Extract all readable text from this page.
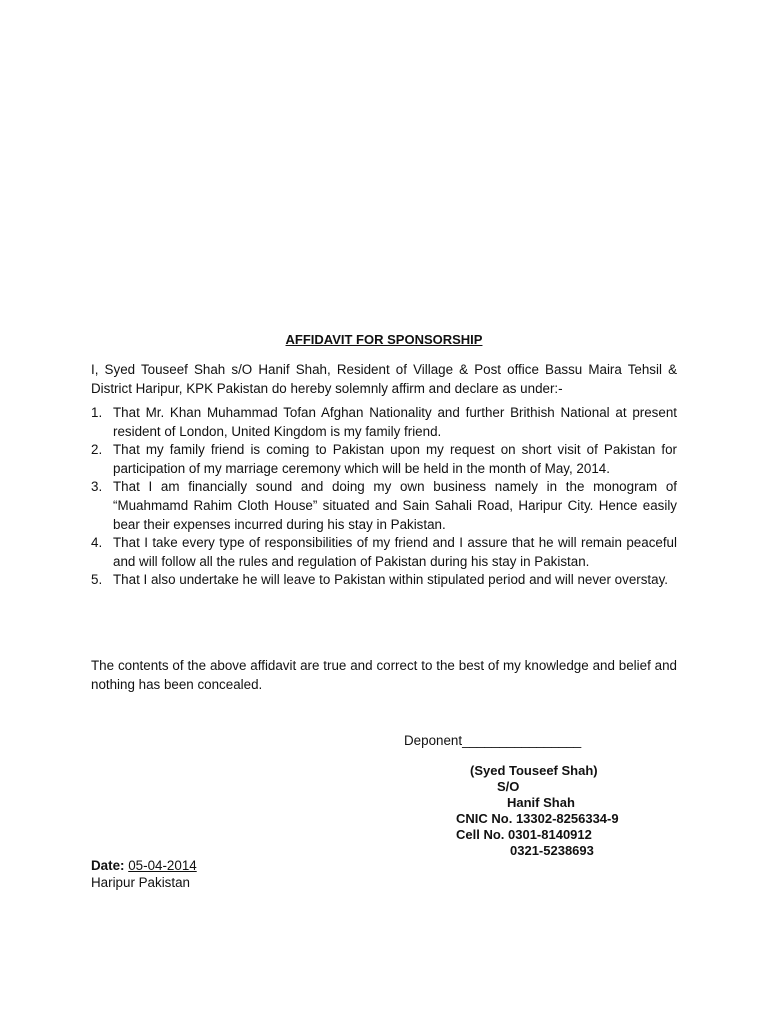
AFFIDAVIT FOR SPONSORSHIP
I, Syed Touseef Shah s/O Hanif Shah, Resident of Village & Post office Bassu Maira Tehsil & District Haripur, KPK Pakistan do hereby solemnly affirm and declare as under:-
1. That Mr. Khan Muhammad Tofan Afghan Nationality and further Brithish National at present resident of London, United Kingdom is my family friend.
2. That my family friend is coming to Pakistan upon my request on short visit of Pakistan for participation of my marriage ceremony which will be held in the month of May, 2014.
3. That I am financially sound and doing my own business namely in the monogram of “Muahmamd Rahim Cloth House” situated and Sain Sahali Road, Haripur City. Hence easily bear their expenses incurred during his stay in Pakistan.
4. That I take every type of responsibilities of my friend and I assure that he will remain peaceful and will follow all the rules and regulation of Pakistan during his stay in Pakistan.
5. That I also undertake he will leave to Pakistan within stipulated period and will never overstay.
The contents of the above affidavit are true and correct to the best of my knowledge and belief and nothing has been concealed.
Deponent________________
(Syed Touseef Shah)
S/O
Hanif Shah
CNIC No. 13302-8256334-9
Cell No. 0301-8140912
0321-5238693
Date: 05-04-2014
Haripur Pakistan
